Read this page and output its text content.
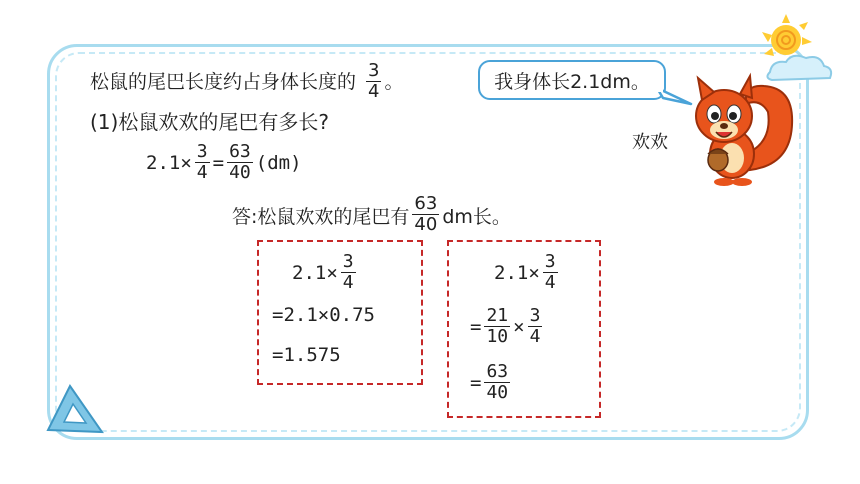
松鼠的尾巴长度约占身体长度的 $\frac{3}{4}$ 。	我身体长2.1dm。
(1)松鼠欢欢的尾巴有多长?
欢欢
$2.1\times \frac{3}{4} = \frac{63}{40} (dm)$
答:松鼠欢欢的尾巴有 $\frac{63}{40}$ dm长。
$2.1\times \frac{3}{4}$
=2.1×0.75
=1.575
$2.1\times \frac{3}{4}$
= $\frac{21}{10} \times \frac{3}{4}$
= $\frac{63}{40}$
